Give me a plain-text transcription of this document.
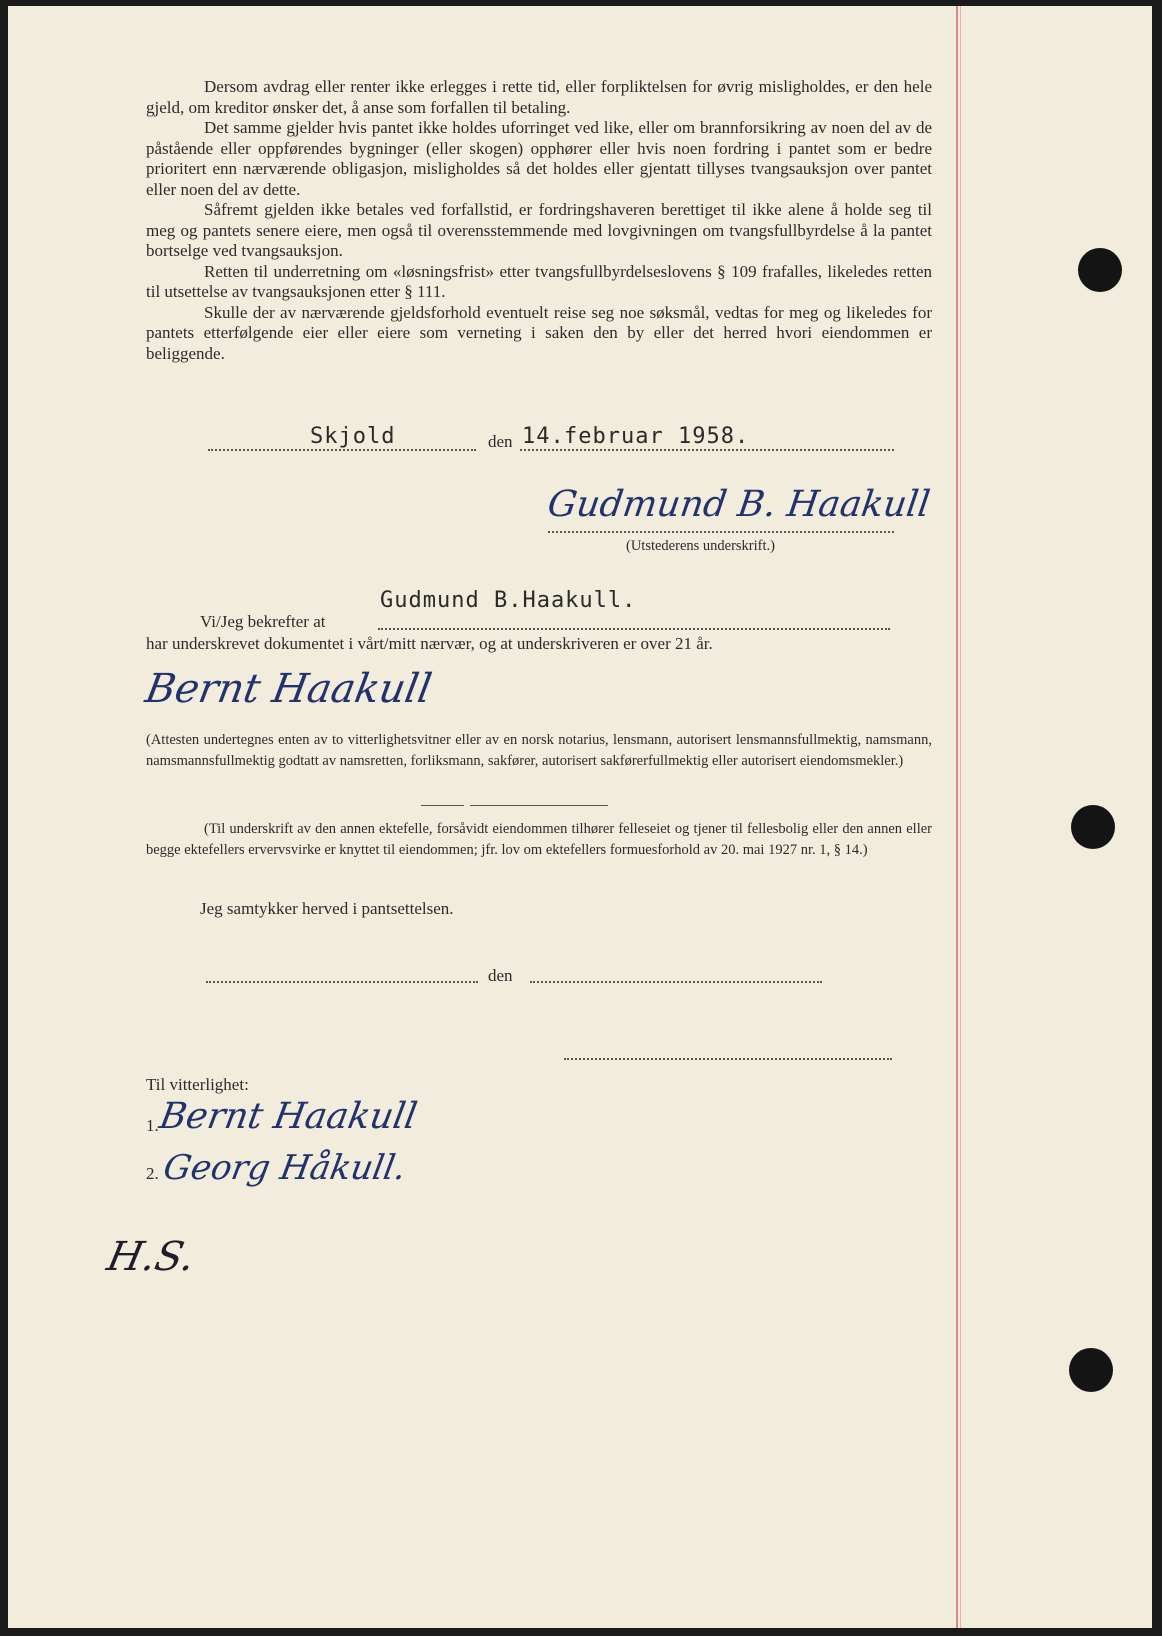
Dersom avdrag eller renter ikke erlegges i rette tid, eller forpliktelsen for øvrig misligholdes, er den hele gjeld, om kreditor ønsker det, å anse som forfallen til betaling.

Det samme gjelder hvis pantet ikke holdes uforringet ved like, eller om brannforsikring av noen del av de påstående eller oppførendes bygninger (eller skogen) opphører eller hvis noen fordring i pantet som er bedre prioritert enn nærværende obligasjon, misligholdes så det holdes eller gjentatt tillyses tvangsauksjon over pantet eller noen del av dette.

Såfremt gjelden ikke betales ved forfallstid, er fordringshaveren berettiget til ikke alene å holde seg til meg og pantets senere eiere, men også til overensstemmende med lovgivningen om tvangsfullbyrdelse å la pantet bortselge ved tvangsauksjon.

Retten til underretning om «løsningsfrist» etter tvangsfullbyrdelseslovens § 109 frafalles, likeledes retten til utsettelse av tvangsauksjonen etter § 111.

Skulle der av nærværende gjeldsforhold eventuelt reise seg noe søksmål, vedtas for meg og likeledes for pantets etterfølgende eier eller eiere som verneting i saken den by eller det herred hvori eiendommen er beliggende.

Skjold	den 14. februar 1958.
Gudmund B. Haakull
(Utstederens underskrift.)
Vi/Jeg bekrefter at
Gudmund B.Haakull.
har underskrevet dokumentet i vårt/mitt nærvær, og at underskriveren er over 21 år.
Bernt Haakull

(Attesten undertegnes enten av to vitterlighetsvitner eller av en norsk notarius, lensmann, autorisert lensmannsfullmektig, namsmann, namsmannsfullmektig godtatt av namsretten, forliksmann, sakfører, autorisert sakførerfullmektig eller autorisert eiendomsmekler.)

(Til underskrift av den annen ektefelle, forsåvidt eiendommen tilhører felleseiet og tjener til fellesbolig eller den annen eller begge ektefellers ervervsvirke er knyttet til eiendommen; jfr. lov om ektefellers formuesforhold av 20. mai 1927 nr. 1, § 14.)

Jeg samtykker herved i pantsettelsen.
den
Til vitterlighet:
1.
Bernt Haakull
2. Georg Håkull.
H.S.
